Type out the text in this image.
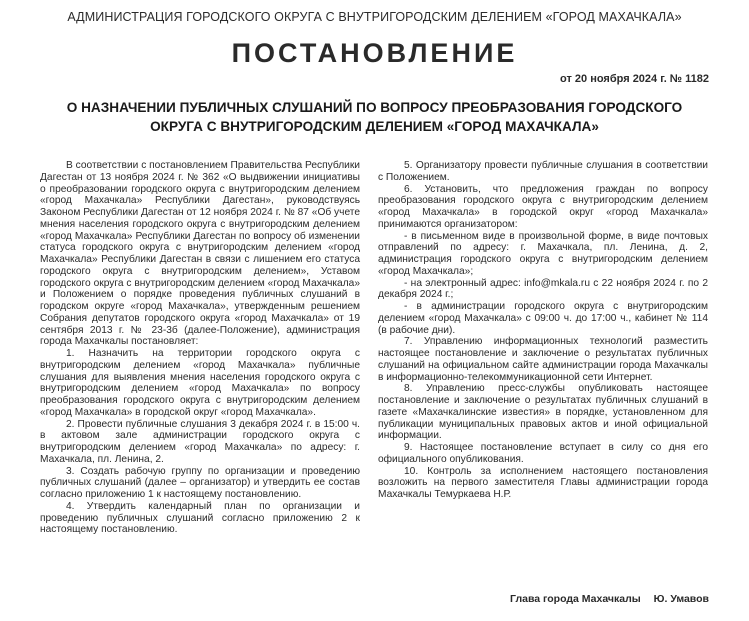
АДМИНИСТРАЦИЯ ГОРОДСКОГО ОКРУГА С ВНУТРИГОРОДСКИМ ДЕЛЕНИЕМ «ГОРОД МАХАЧКАЛА»
ПОСТАНОВЛЕНИЕ
от 20 ноября 2024 г. № 1182
О НАЗНАЧЕНИИ ПУБЛИЧНЫХ СЛУШАНИЙ ПО ВОПРОСУ ПРЕОБРАЗОВАНИЯ ГОРОДСКОГО ОКРУГА С ВНУТРИГОРОДСКИМ ДЕЛЕНИЕМ «ГОРОД МАХАЧКАЛА»

В соответствии с постановлением Правительства Республики Дагестан от 13 ноября 2024 г. № 362 «О выдвижении инициативы о преобразовании городского округа с внутригородским делением «город Махачкала» Республики Дагестан», руководствуясь Законом Республики Дагестан от 12 ноября 2024 г. № 87 «Об учете мнения населения городского округа с внутригородским делением «город Махачкала» Республики Дагестан по вопросу об изменении статуса городского округа с внутригородским делением «город Махачкала» Республики Дагестан в связи с лишением его статуса городского округа с внутригородским делением», Уставом городского округа с внутригородским делением «город Махачкала» и Положением о порядке проведения публичных слушаний в городском округе «город Махачкала», утвержденным решением Собрания депутатов городского округа «город Махачкала» от 19 сентября 2013 г. № 23-3б (далее-Положение), администрация города Махачкалы постановляет:

1. Назначить на территории городского округа с внутригородским делением «город Махачкала» публичные слушания для выявления мнения населения городского округа с внутригородским делением «город Махачкала» по вопросу преобразования городского округа с внутригородским делением «город Махачкала» в городской округ «город Махачкала».

2. Провести публичные слушания 3 декабря 2024 г. в 15:00 ч. в актовом зале администрации городского округа с внутригородским делением «город Махачкала» по адресу: г. Махачкала, пл. Ленина, 2.

3. Создать рабочую группу по организации и проведению публичных слушаний (далее – организатор) и утвердить ее состав согласно приложению 1 к настоящему постановлению.

4. Утвердить календарный план по организации и проведению публичных слушаний согласно приложению 2 к настоящему постановлению.

5. Организатору провести публичные слушания в соответствии с Положением.

6. Установить, что предложения граждан по вопросу преобразования городского округа с внутригородским делением «город Махачкала» в городской округ «город Махачкала» принимаются организатором:

- в письменном виде в произвольной форме, в виде почтовых отправлений по адресу: г. Махачкала, пл. Ленина, д. 2, администрация городского округа с внутригородским делением «город Махачкала»;

- на электронный адрес: info@mkala.ru с 22 ноября 2024 г. по 2 декабря 2024 г.;

- в администрации городского округа с внутригородским делением «город Махачкала» с 09:00 ч. до 17:00 ч., кабинет № 114 (в рабочие дни).

7. Управлению информационных технологий разместить настоящее постановление и заключение о результатах публичных слушаний на официальном сайте администрации города Махачкалы в информационно-телекоммуникационной сети Интернет.

8. Управлению пресс-службы опубликовать настоящее постановление и заключение о результатах публичных слушаний в газете «Махачкалинские известия» в порядке, установленном для публикации муниципальных правовых актов и иной официальной информации.

9. Настоящее постановление вступает в силу со дня его официального опубликования.

10. Контроль за исполнением настоящего постановления возложить на первого заместителя Главы администрации города Махачкалы Темуркаева Н.Р.

Глава города Махачкалы Ю. Умавов
